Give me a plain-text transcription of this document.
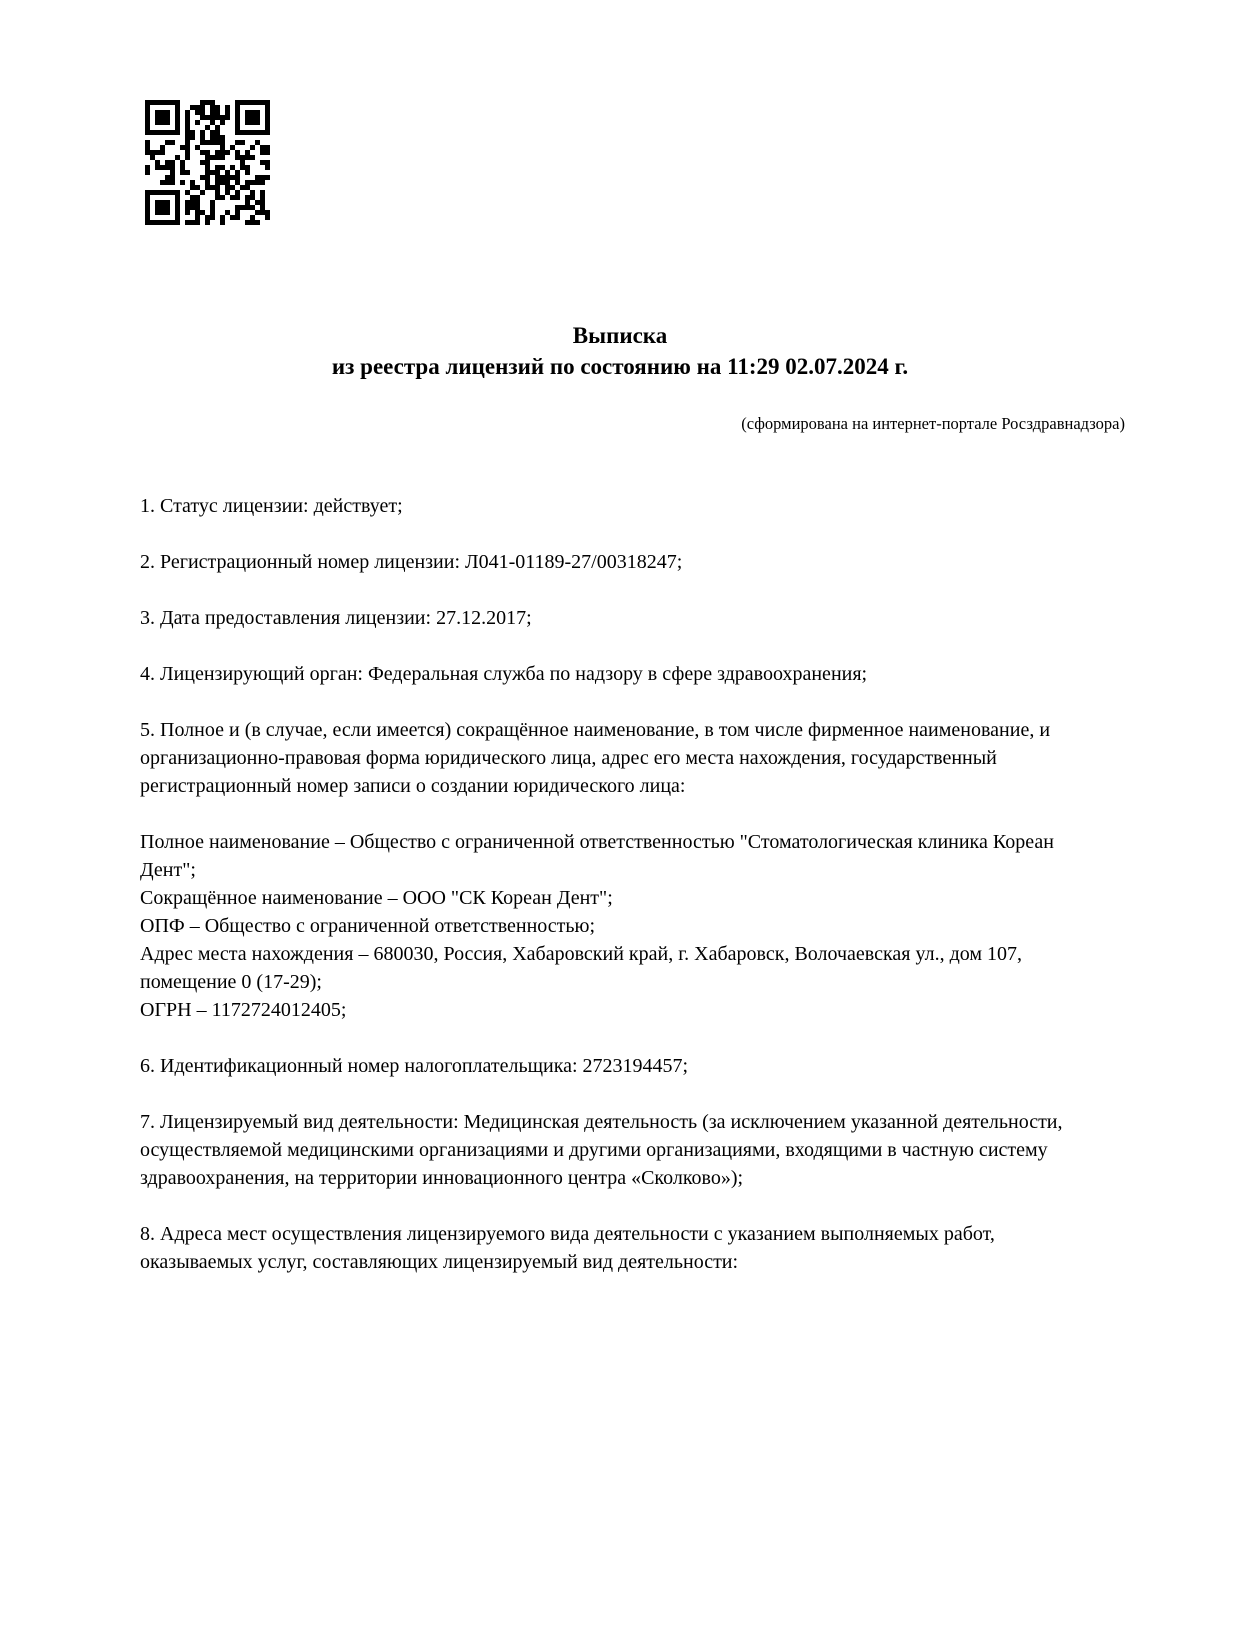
Выписка
из реестра лицензий по состоянию на 11:29 02.07.2024 г.
(сформирована на интернет-портале Росздравнадзора)

1. Статус лицензии: действует;

2. Регистрационный номер лицензии: Л041-01189-27/00318247;

3. Дата предоставления лицензии: 27.12.2017;

4. Лицензирующий орган: Федеральная служба по надзору в сфере здравоохранения;

5. Полное и (в случае, если имеется) сокращённое наименование, в том числе фирменное наименование, и организационно-правовая форма юридического лица, адрес его места нахождения, государственный регистрационный номер записи о создании юридического лица:

Полное наименование – Общество с ограниченной ответственностью "Стоматологическая клиника Кореан Дент";
Сокращённое наименование – ООО "СК Кореан Дент";
ОПФ – Общество с ограниченной ответственностью;
Адрес места нахождения – 680030, Россия, Хабаровский край, г. Хабаровск, Волочаевская ул., дом 107, помещение 0 (17-29);
ОГРН – 1172724012405;

6. Идентификационный номер налогоплательщика: 2723194457;

7. Лицензируемый вид деятельности: Медицинская деятельность (за исключением указанной деятельности, осуществляемой медицинскими организациями и другими организациями, входящими в частную систему здравоохранения, на территории инновационного центра «Сколково»);

8. Адреса мест осуществления лицензируемого вида деятельности с указанием выполняемых работ, оказываемых услуг, составляющих лицензируемый вид деятельности:
